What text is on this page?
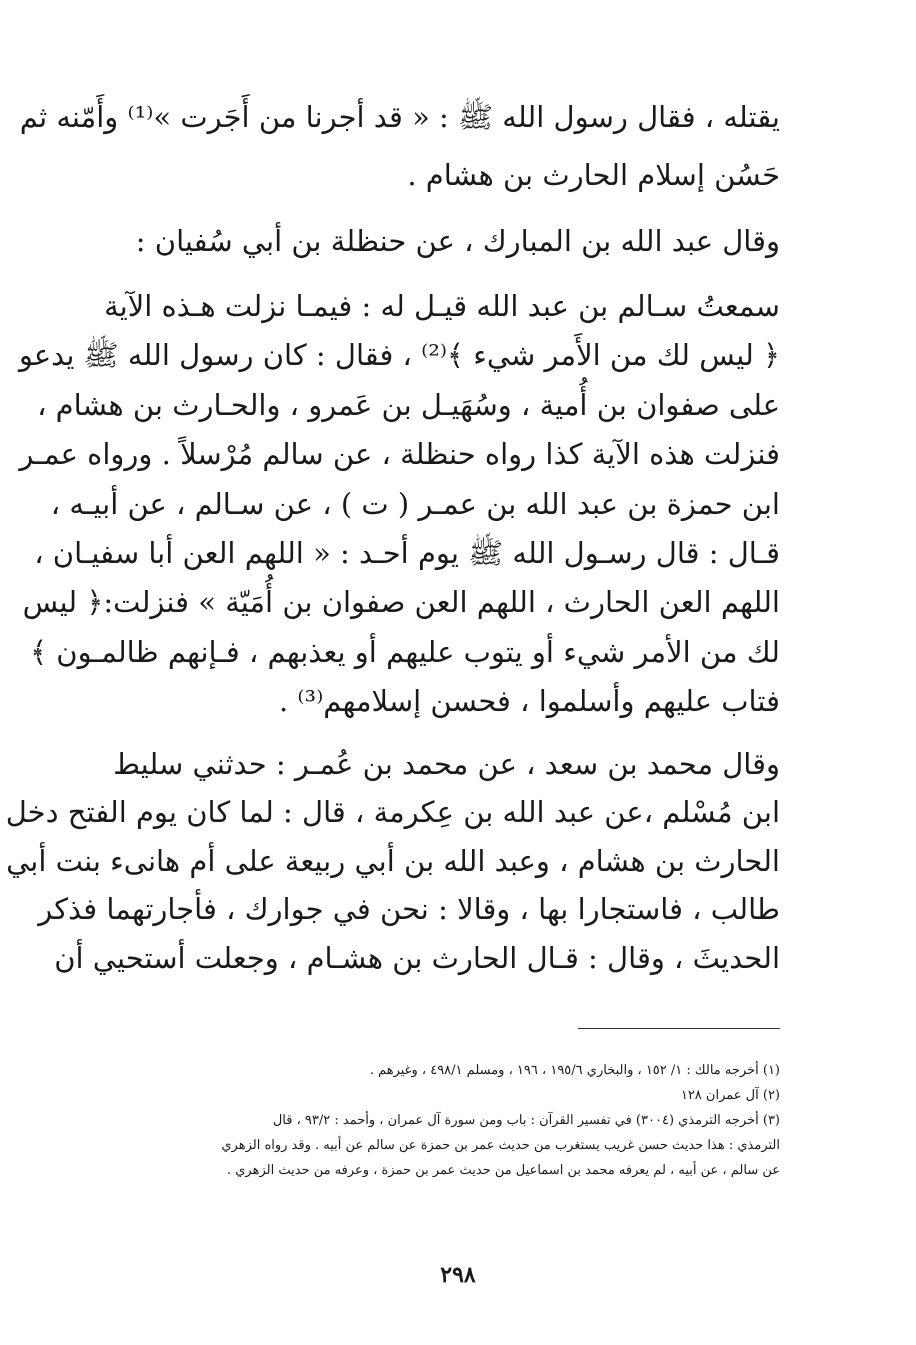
يقتله ، فقال رسول الله ﷺ : « قد أجرنا من أَجَرت »⁽¹⁾ وأَمّنه ثم
حَسُن إسلام الحارث بن هشام .
وقال عبد الله بن المبارك ، عن حنظلة بن أبي سُفيان :
سمعتُ سـالم بن عبد الله قيـل له : فيمـا نزلت هـذه الآية
﴿ ليس لك من الأَمر شيء ﴾⁽²⁾ ، فقال : كان رسول الله ﷺ يدعو
على صفوان بن أُمية ، وسُهَيـل بن عَمرو ، والحـارث بن هشام ،
فنزلت هذه الآية كذا رواه حنظلة ، عن سالم مُرْسلاً . ورواه عمـر
ابن حمزة بن عبد الله بن عمـر ( ت ) ، عن سـالم ، عن أبيـه ،
قـال : قال رسـول الله ﷺ يوم أحـد : « اللهم العن أبا سفيـان ،
اللهم العن الحارث ، اللهم العن صفوان بن أُمَيّة » فنزلت:﴿ ليس
لك من الأمر شيء أو يتوب عليهم أو يعذبهم ، فـإنهم ظالمـون ﴾
فتاب عليهم وأسلموا ، فحسن إسلامهم⁽³⁾ .
وقال محمد بن سعد ، عن محمد بن عُمـر : حدثني سليط
ابن مُسْلم ،عن عبد الله بن عِكرمة ، قال : لما كان يوم الفتح دخل
الحارث بن هشام ، وعبد الله بن أبي ربيعة على أم هانىء بنت أبي
طالب ، فاستجارا بها ، وقالا : نحن في جوارك ، فأجارتهما فذكر
الحديثَ ، وقال : قـال الحارث بن هشـام ، وجعلت أستحيي أن
(١) أخرجه مالك : ١/ ١٥٢ ، والبخاري ١٩٥/٦ ، ١٩٦ ، ومسلم ٤٩٨/١ ، وغيرهم .
(٢) آل عمران ١٢٨
(٣) أخرجه الترمذي (٣٠٠٤) في تفسير القرآن : باب ومن سورة آل عمران ، وأحمد : ٩٣/٢ ، قال
الترمذي : هذا حديث حسن غريب يستغرب من حديث عمر بن حمزة عن سالم عن أبيه . وقد رواه الزهري
عن سالم ، عن أبيه ، لم يعرفه محمد بن اسماعيل من حديث عمر بن حمزة ، وعرفه من حديث الزهري .
٢٩٨
